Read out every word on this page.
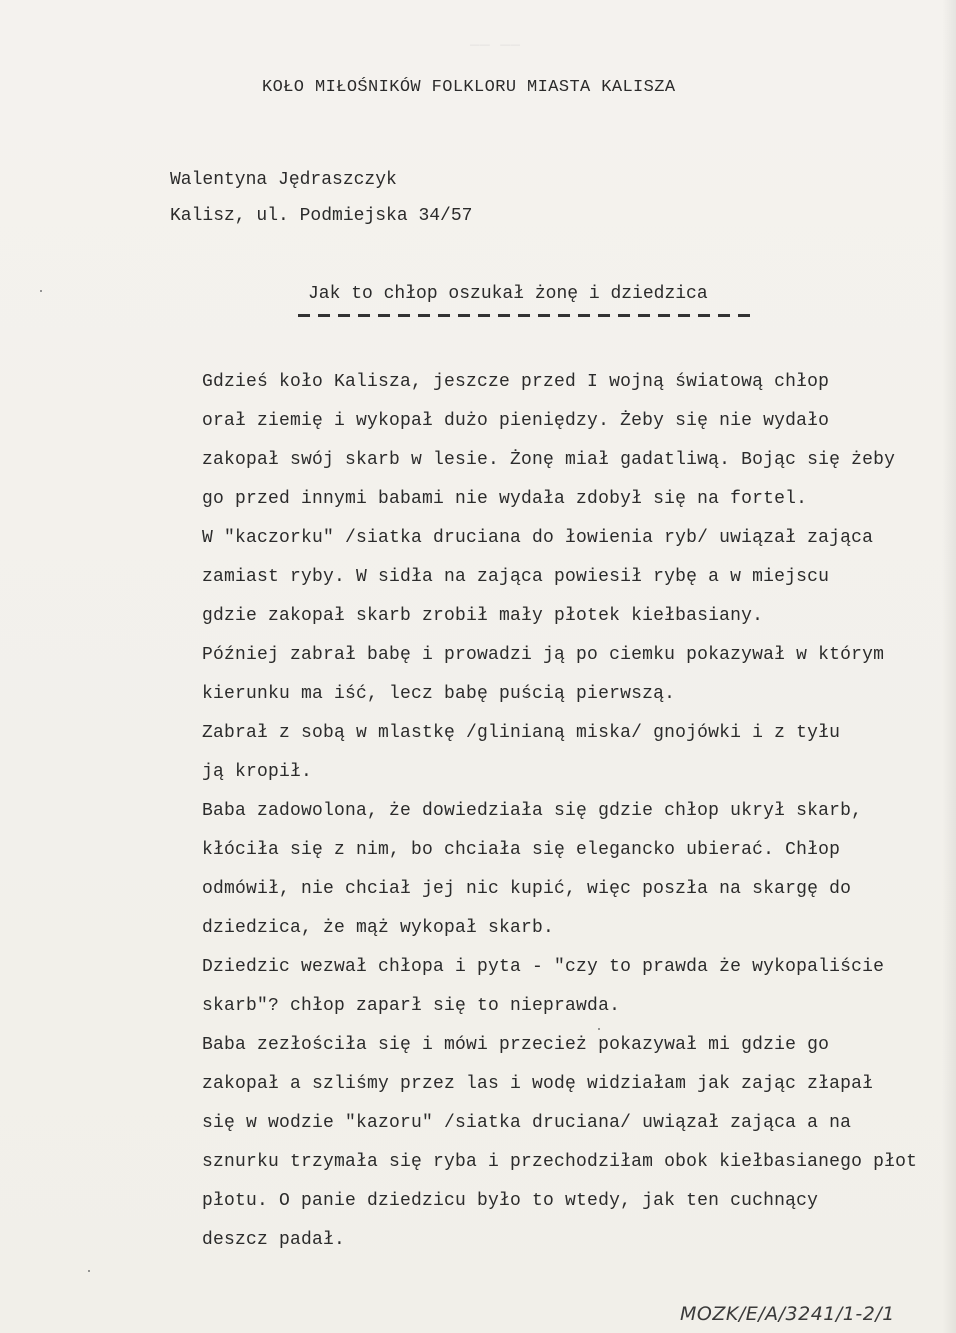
—— ——
KOŁO MIŁOŚNIKÓW FOLKLORU MIASTA KALISZA
Walentyna Jędraszczyk
Kalisz, ul. Podmiejska 34/57
Jak to chłop oszukał żonę i dziedzica
Gdzieś koło Kalisza, jeszcze przed I wojną światową chłop
orał ziemię i wykopał dużo pieniędzy. Żeby się nie wydało
zakopał swój skarb w lesie. Żonę miał gadatliwą. Bojąc się żeby
go przed innymi babami nie wydała zdobył się na fortel.
W "kaczorku" /siatka druciana do łowienia ryb/ uwiązał zająca
zamiast ryby. W sidła na zająca powiesił rybę a w miejscu
gdzie zakopał skarb zrobił mały płotek kiełbasiany.
Później zabrał babę i prowadzi ją po ciemku pokazywał w którym
kierunku ma iść, lecz babę puścią pierwszą.
Zabrał z sobą w mlastkę /glinianą miska/ gnojówki i z tyłu
ją kropił.
Baba zadowolona, że dowiedziała się gdzie chłop ukrył skarb,
kłóciła się z nim, bo chciała się elegancko ubierać. Chłop
odmówił, nie chciał jej nic kupić, więc poszła na skargę do
dziedzica, że mąż wykopał skarb.
Dziedzic wezwał chłopa i pyta - "czy to prawda że wykopaliście
skarb"? chłop zaparł się to nieprawda.
Baba zezłościła się i mówi przecież pokazywał mi gdzie go
zakopał a szliśmy przez las i wodę widziałam jak zając złapał
się w wodzie "kazoru" /siatka druciana/ uwiązał zająca a na
sznurku trzymała się ryba i przechodziłam obok kiełbasianego płot
płotu. O panie dziedzicu było to wtedy, jak ten cuchnący
deszcz padał.
MOZK/E/A/3241/1-2/1
